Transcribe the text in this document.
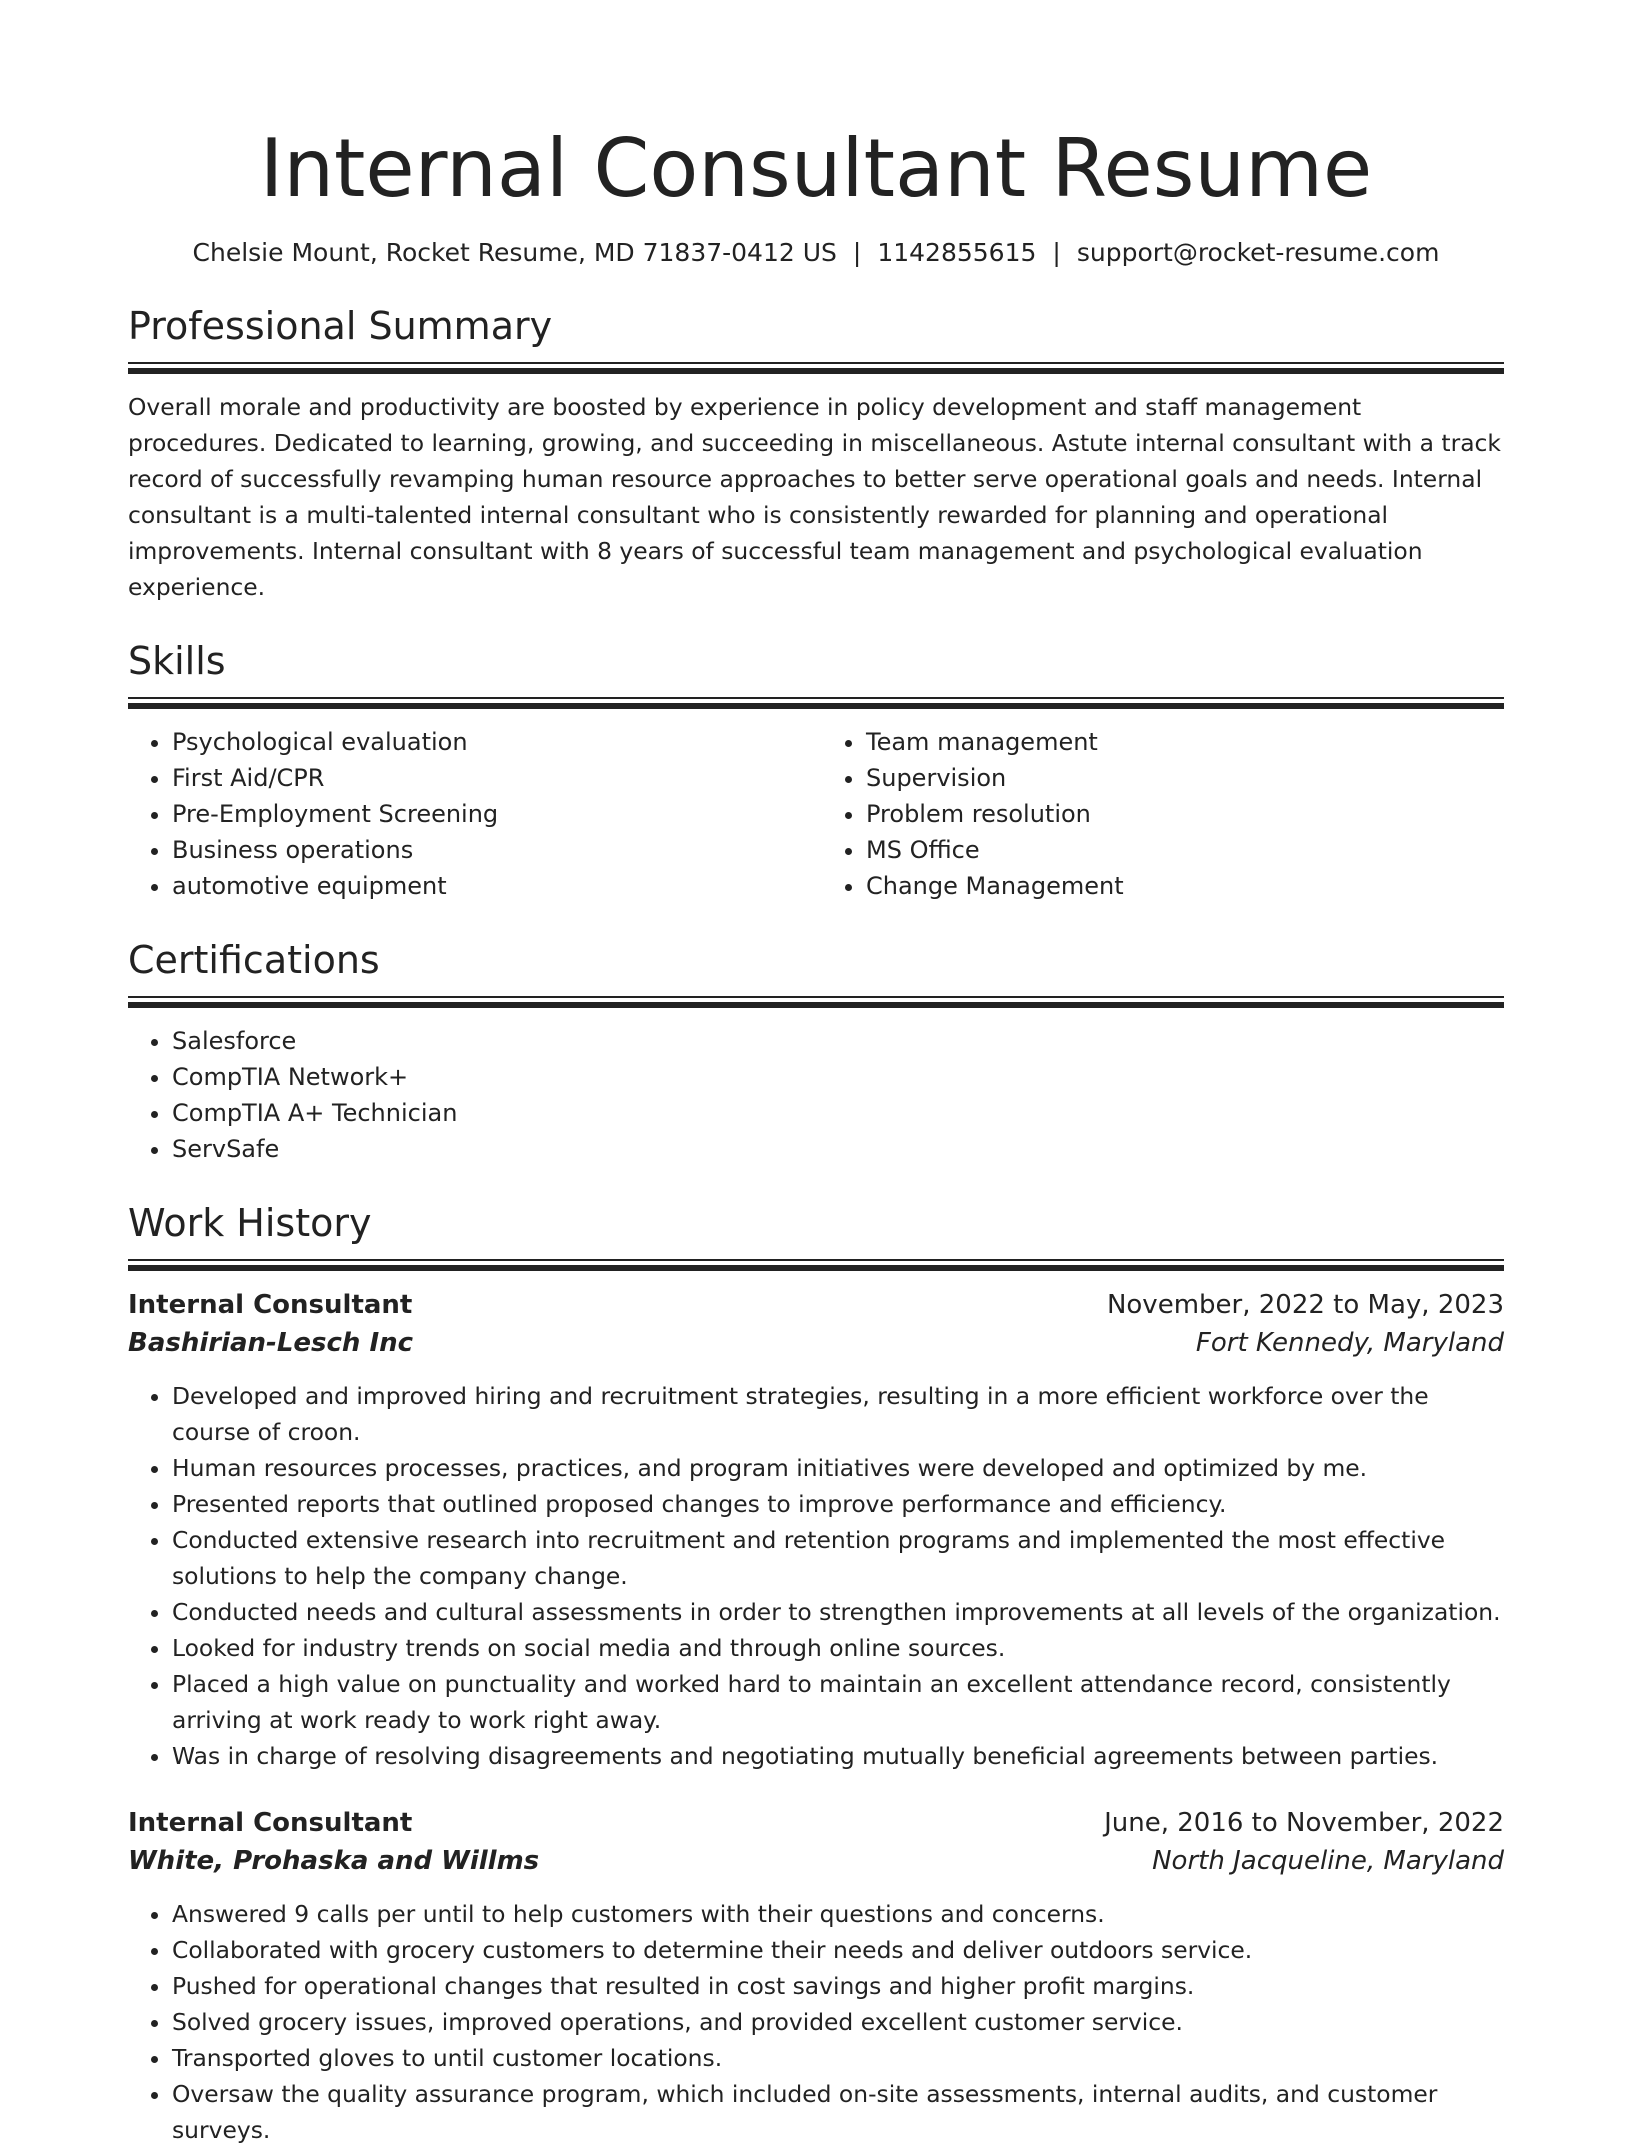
Internal Consultant Resume
Chelsie Mount, Rocket Resume, MD 71837-0412 US | 1142855615 | support@rocket-resume.com
Professional Summary
Overall morale and productivity are boosted by experience in policy development and staff management procedures. Dedicated to learning, growing, and succeeding in miscellaneous. Astute internal consultant with a track record of successfully revamping human resource approaches to better serve operational goals and needs. Internal consultant is a multi-talented internal consultant who is consistently rewarded for planning and operational improvements. Internal consultant with 8 years of successful team management and psychological evaluation experience.
Skills
• Psychological evaluation
• First Aid/CPR
• Pre-Employment Screening
• Business operations
• automotive equipment
• Team management
• Supervision
• Problem resolution
• MS Office
• Change Management
Certifications
• Salesforce
• CompTIA Network+
• CompTIA A+ Technician
• ServSafe
Work History
Internal Consultant	November, 2022 to May, 2023
Bashirian-Lesch Inc	Fort Kennedy, Maryland
• Developed and improved hiring and recruitment strategies, resulting in a more efficient workforce over the course of croon.
• Human resources processes, practices, and program initiatives were developed and optimized by me.
• Presented reports that outlined proposed changes to improve performance and efficiency.
• Conducted extensive research into recruitment and retention programs and implemented the most effective solutions to help the company change.
• Conducted needs and cultural assessments in order to strengthen improvements at all levels of the organization.
• Looked for industry trends on social media and through online sources.
• Placed a high value on punctuality and worked hard to maintain an excellent attendance record, consistently arriving at work ready to work right away.
• Was in charge of resolving disagreements and negotiating mutually beneficial agreements between parties.
Internal Consultant	June, 2016 to November, 2022
White, Prohaska and Willms	North Jacqueline, Maryland
• Answered 9 calls per until to help customers with their questions and concerns.
• Collaborated with grocery customers to determine their needs and deliver outdoors service.
• Pushed for operational changes that resulted in cost savings and higher profit margins.
• Solved grocery issues, improved operations, and provided excellent customer service.
• Transported gloves to until customer locations.
• Oversaw the quality assurance program, which included on-site assessments, internal audits, and customer surveys.
